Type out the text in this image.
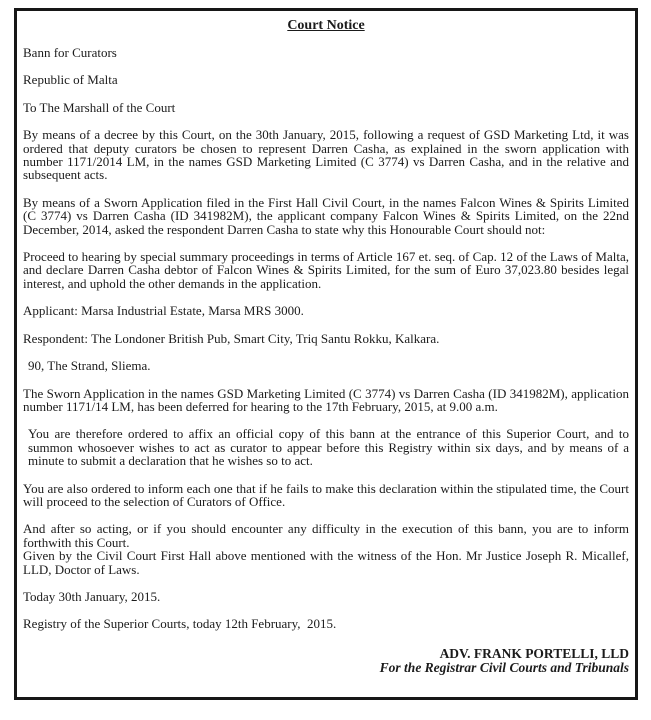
Court Notice

Bann for Curators

Republic of Malta

To The Marshall of the Court

By means of a decree by this Court, on the 30th January, 2015, following a request of GSD Marketing Ltd, it was ordered that deputy curators be chosen to represent Darren Casha, as explained in the sworn application with number 1171/2014 LM, in the names GSD Marketing Limited (C 3774) vs Darren Casha, and in the relative and subsequent acts.

By means of a Sworn Application filed in the First Hall Civil Court, in the names Falcon Wines & Spirits Limited (C 3774) vs Darren Casha (ID 341982M), the applicant company Falcon Wines & Spirits Limited, on the 22nd December, 2014, asked the respondent Darren Casha to state why this Honourable Court should not:

Proceed to hearing by special summary proceedings in terms of Article 167 et. seq. of Cap. 12 of the Laws of Malta, and declare Darren Casha debtor of Falcon Wines & Spirits Limited, for the sum of Euro 37,023.80 besides legal interest, and uphold the other demands in the application.

Applicant: Marsa Industrial Estate, Marsa MRS 3000.

Respondent: The Londoner British Pub, Smart City, Triq Santu Rokku, Kalkara.

90, The Strand, Sliema.

The Sworn Application in the names GSD Marketing Limited (C 3774) vs Darren Casha (ID 341982M), application number 1171/14 LM, has been deferred for hearing to the 17th February, 2015, at 9.00 a.m.

You are therefore ordered to affix an official copy of this bann at the entrance of this Superior Court, and to summon whosoever wishes to act as curator to appear before this Registry within six days, and by means of a minute to submit a declaration that he wishes so to act.

You are also ordered to inform each one that if he fails to make this declaration within the stipulated time, the Court will proceed to the selection of Curators of Office.

And after so acting, or if you should encounter any difficulty in the execution of this bann, you are to inform forthwith this Court.

Given by the Civil Court First Hall above mentioned with the witness of the Hon. Mr Justice Joseph R. Micallef, LLD, Doctor of Laws.

Today 30th January, 2015.

Registry of the Superior Courts, today 12th February,  2015.

ADV. FRANK PORTELLI, LLD
For the Registrar Civil Courts and Tribunals
